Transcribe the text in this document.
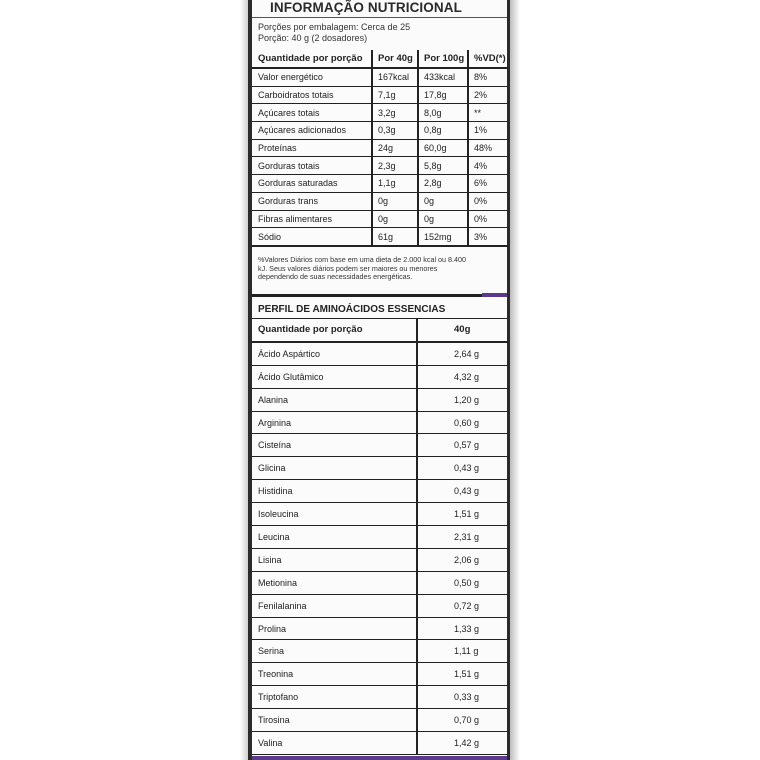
INFORMAÇÃO NUTRICIONAL
Porções por embalagem: Cerca de 25
Porção: 40 g (2 dosadores)
Quantidade por porção	Por 40g	Por 100g	%VD(*)
Valor energético	167kcal	433kcal	8%
Carboidratos totais	7,1g	17,8g	2%
Açúcares totais	3,2g	8,0g	**
Açúcares adicionados	0,3g	0,8g	1%
Proteínas	24g	60,0g	48%
Gorduras totais	2,3g	5,8g	4%
Gorduras saturadas	1,1g	2,8g	6%
Gorduras trans	0g	0g	0%
Fibras alimentares	0g	0g	0%
Sódio	61g	152mg	3%
%Valores Diários com base em uma dieta de 2.000 kcal ou 8.400 kJ. Seus valores diários podem ser maiores ou menores dependendo de suas necessidades energéticas.
PERFIL DE AMINOÁCIDOS ESSENCIAS
Quantidade por porção	40g
Ácido Aspártico	2,64 g
Ácido Glutâmico	4,32 g
Alanina	1,20 g
Arginina	0,60 g
Cisteína	0,57 g
Glicina	0,43 g
Histidina	0,43 g
Isoleucina	1,51 g
Leucina	2,31 g
Lisina	2,06 g
Metionina	0,50 g
Fenilalanina	0,72 g
Prolina	1,33 g
Serina	1,11 g
Treonina	1,51 g
Triptofano	0,33 g
Tirosina	0,70 g
Valina	1,42 g
